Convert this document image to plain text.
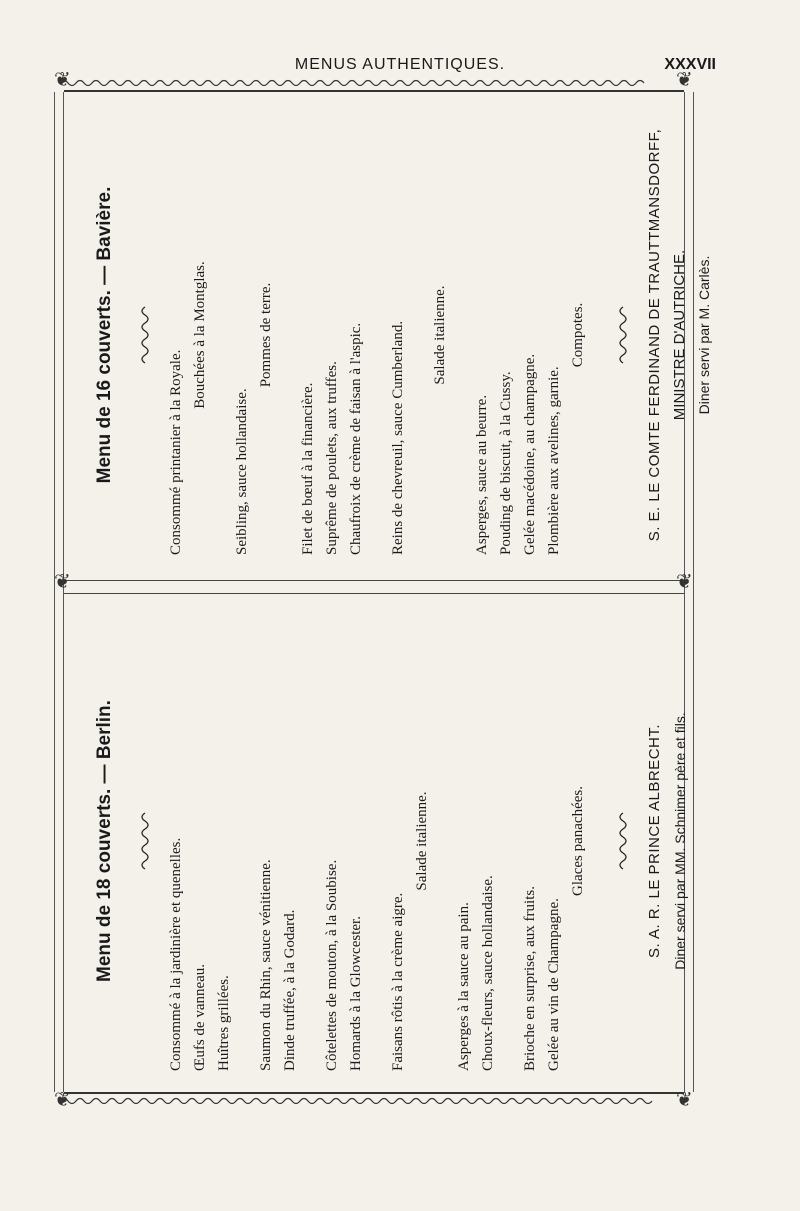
MENUS AUTHENTIQUES.	XXXVII
❦	❦
❦	❦
❦	❦
Menu de 16 couverts. — Bavière.	Consommé printanier à la Royale.
Bouchées à la Montglas.
Seibling, sauce hollandaise.
Pommes de terre.
Filet de bœuf à la financière. Suprême de poulets, aux truffes. Chaufroix de crème de faisan à l'aspic. Reins de chevreuil, sauce Cumberland. Salade italienne.
Asperges, sauce au beurre. Pouding de biscuit, à la Cussy. Gelée macédoine, au champagne. Plombière aux avelines, garnie.
Compotes.	S. E. LE COMTE FERDINAND DE TRAUTTMANSDORFF, MINISTRE D'AUTRICHE. Diner servi par M. Carlès.
Menu de 18 couverts. — Berlin.	Consommé à la jardinière et quenelles. Œufs de vanneau. Huîtres grillées. Saumon du Rhin, sauce vénitienne. Dinde truffée, à la Godard. Côtelettes de mouton, à la Soubise. Homards à la Glowcester. Faisans rôtis à la crème aigre.
Salade italienne.
Asperges à la sauce au pain. Choux-fleurs, sauce hollandaise. Brioche en surprise, aux fruits. Gelée au vin de Champagne.
Glaces panachées.	S. A. R. LE PRINCE ALBRECHT. Diner servi par MM. Schnimer père et fils.
